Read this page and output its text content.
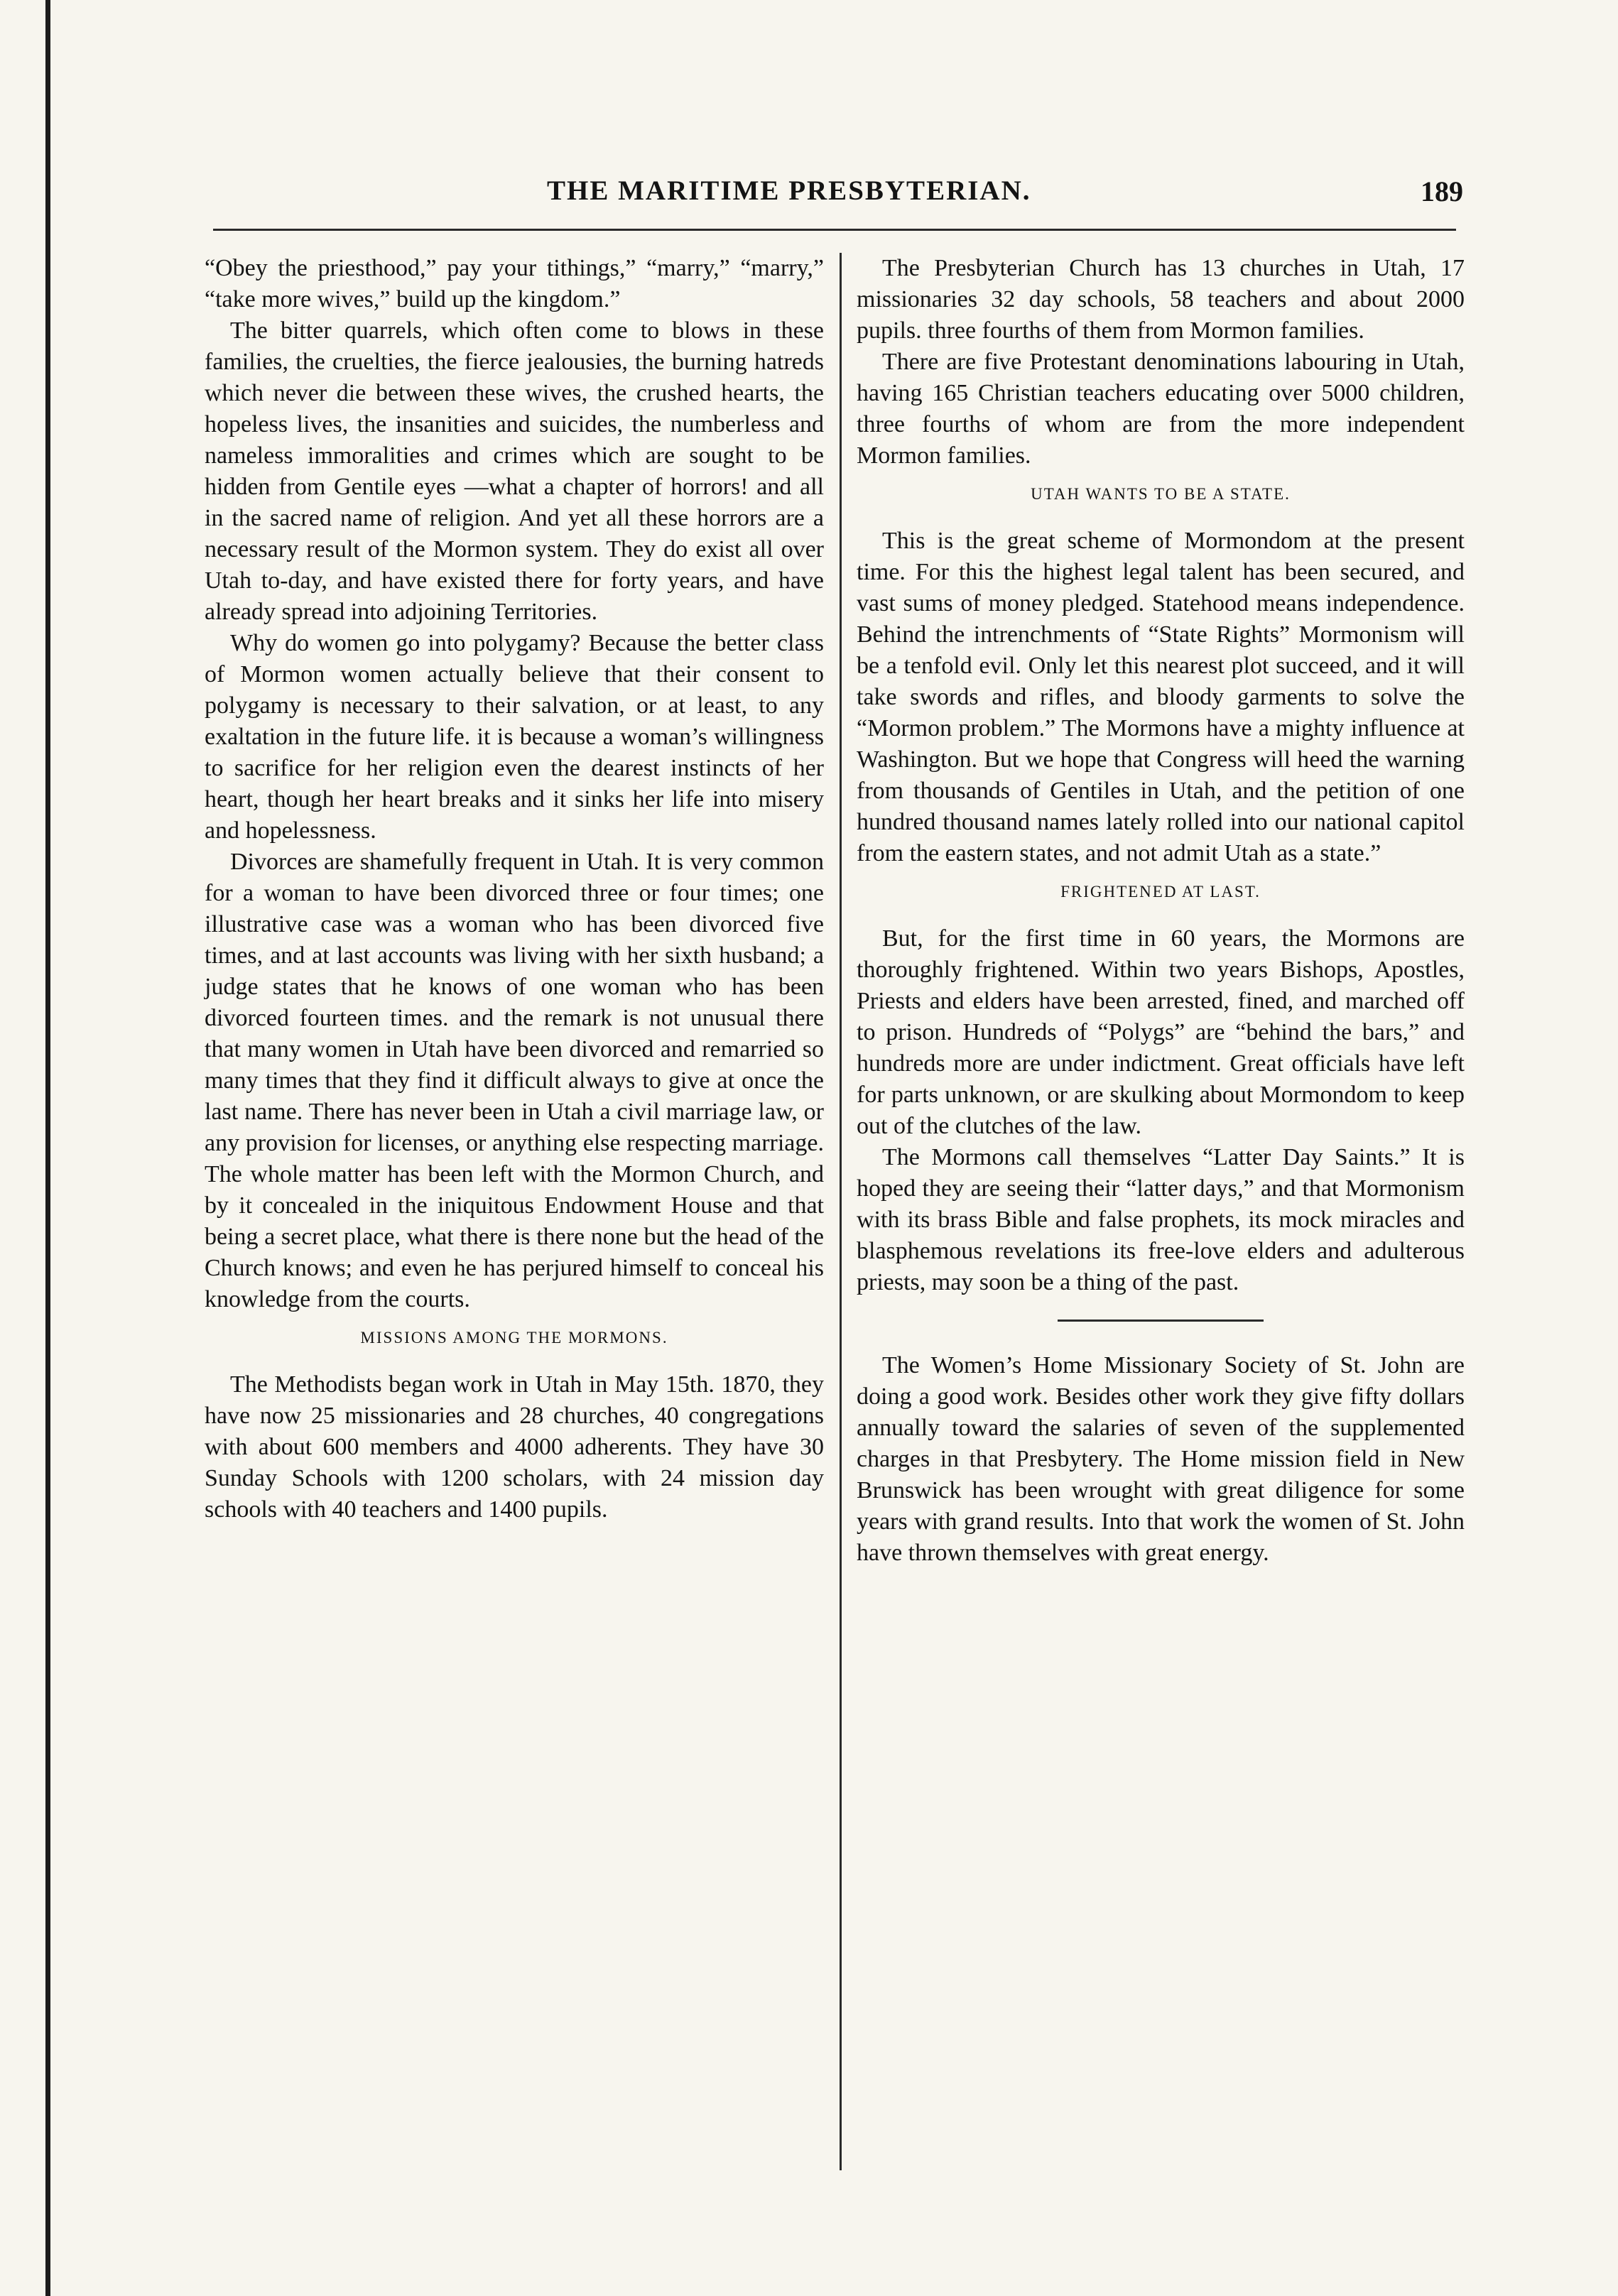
THE MARITIME PRESBYTERIAN.	189

“Obey the priesthood,” pay your tithings,” “marry,” “marry,” “take more wives,” build up the kingdom.”

The bitter quarrels, which often come to blows in these families, the cruelties, the fierce jealousies, the burning hatreds which never die between these wives, the crushed hearts, the hopeless lives, the insanities and suicides, the numberless and nameless immoralities and crimes which are sought to be hidden from Gentile eyes —what a chapter of horrors! and all in the sacred name of religion. And yet all these horrors are a necessary result of the Mormon system. They do exist all over Utah to-day, and have existed there for forty years, and have already spread into adjoining Territories.

Why do women go into polygamy? Because the better class of Mormon women actually believe that their consent to polygamy is necessary to their salvation, or at least, to any exaltation in the future life. it is because a woman’s willingness to sacrifice for her religion even the dearest instincts of her heart, though her heart breaks and it sinks her life into misery and hopelessness.

Divorces are shamefully frequent in Utah. It is very common for a woman to have been divorced three or four times; one illustrative case was a woman who has been divorced five times, and at last accounts was living with her sixth husband; a judge states that he knows of one woman who has been divorced fourteen times. and the remark is not unusual there that many women in Utah have been divorced and remarried so many times that they find it difficult always to give at once the last name. There has never been in Utah a civil marriage law, or any provision for licenses, or anything else respecting marriage. The whole matter has been left with the Mormon Church, and by it concealed in the iniquitous Endowment House and that being a secret place, what there is there none but the head of the Church knows; and even he has perjured himself to conceal his knowledge from the courts.

MISSIONS AMONG THE MORMONS.

The Methodists began work in Utah in May 15th. 1870, they have now 25 missionaries and 28 churches, 40 congregations with about 600 members and 4000 adherents. They have 30 Sunday Schools with 1200 scholars, with 24 mission day schools with 40 teachers and 1400 pupils.

The Presbyterian Church has 13 churches in Utah, 17 missionaries 32 day schools, 58 teachers and about 2000 pupils. three fourths of them from Mormon families.

There are five Protestant denominations labouring in Utah, having 165 Christian teachers educating over 5000 children, three fourths of whom are from the more independent Mormon families.

UTAH WANTS TO BE A STATE.

This is the great scheme of Mormondom at the present time. For this the highest legal talent has been secured, and vast sums of money pledged. Statehood means independence. Behind the intrenchments of “State Rights” Mormonism will be a tenfold evil. Only let this nearest plot succeed, and it will take swords and rifles, and bloody garments to solve the “Mormon problem.” The Mormons have a mighty influence at Washington. But we hope that Congress will heed the warning from thousands of Gentiles in Utah, and the petition of one hundred thousand names lately rolled into our national capitol from the eastern states, and not admit Utah as a state.”

FRIGHTENED AT LAST.

But, for the first time in 60 years, the Mormons are thoroughly frightened. Within two years Bishops, Apostles, Priests and elders have been arrested, fined, and marched off to prison. Hundreds of “Polygs” are “behind the bars,” and hundreds more are under indictment. Great officials have left for parts unknown, or are skulking about Mormondom to keep out of the clutches of the law.

The Mormons call themselves “Latter Day Saints.” It is hoped they are seeing their “latter days,” and that Mormonism with its brass Bible and false prophets, its mock miracles and blasphemous revelations its free-love elders and adulterous priests, may soon be a thing of the past.

The Women’s Home Missionary Society of St. John are doing a good work. Besides other work they give fifty dollars annually toward the salaries of seven of the supplemented charges in that Presbytery. The Home mission field in New Brunswick has been wrought with great diligence for some years with grand results. Into that work the women of St. John have thrown themselves with great energy.
